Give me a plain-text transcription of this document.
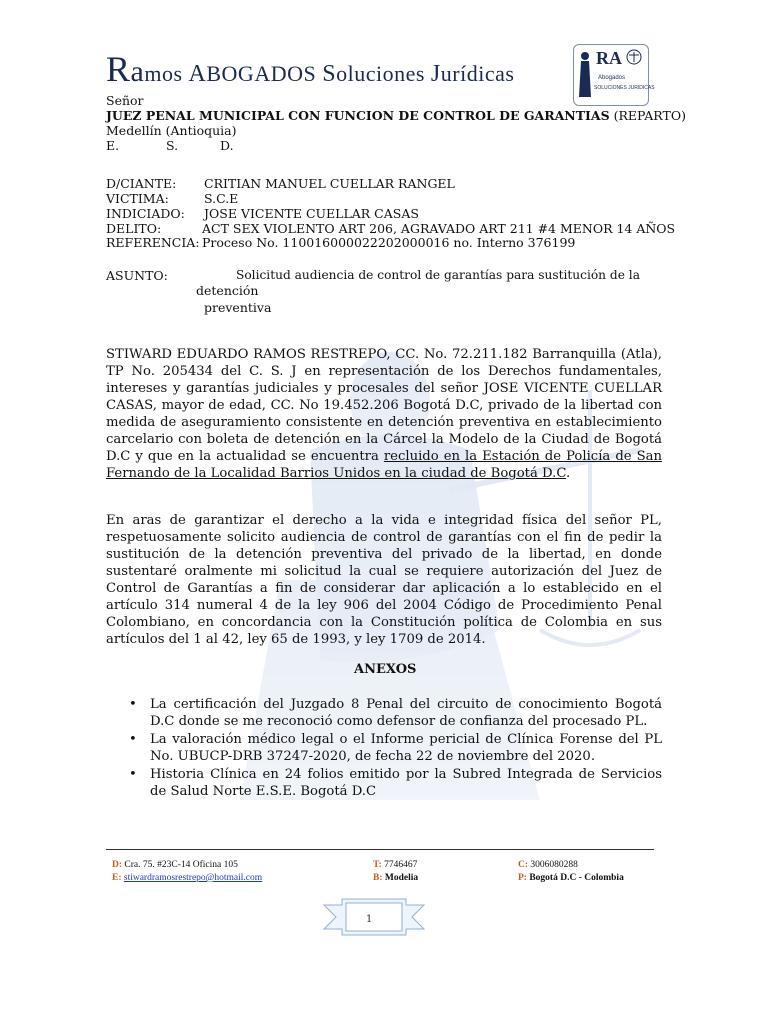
Ramos ABOGADOS Soluciones Jurídicas
RA
Abogados
SOLUCIONES JURIDICAS
Señor
JUEZ PENAL MUNICIPAL CON FUNCION DE CONTROL DE GARANTIAS (REPARTO)
Medellín (Antioquia)
E.	S.	D.
D/CIANTE: CRITIAN MANUEL CUELLAR RANGEL
VICTIMA:	S.C.E
INDICIADO: JOSE VICENTE CUELLAR CASAS
DELITO:	ACT SEX VIOLENTO ART 206, AGRAVADO ART 211 #4 MENOR 14 AÑOS
REFERENCIA: Proceso No. 11001600002220200001​6 no. Interno 376199
ASUNTO:	Solicitud audiencia de control de garantías para sustitución de la
detención
preventiva
STIWARD EDUARDO RAMOS RESTREPO, CC. No. 72.211.182 Barranquilla (Atla), TP No. 205434 del C. S. J en representación de los Derechos fundamentales, intereses y garantías judiciales y procesales del señor JOSE VICENTE CUELLAR CASAS, mayor de edad, CC. No 19.452.206 Bogotá D.C, privado de la libertad con medida de aseguramiento consistente en detención preventiva en establecimiento carcelario con boleta de detención en la Cárcel la Modelo de la Ciudad de Bogotá D.C y que en la actualidad se encuentra recluido en la Estación de Policía de San Fernando de la Localidad Barrios Unidos en la ciudad de Bogotá D.C.
En aras de garantizar el derecho a la vida e integridad física del señor PL, respetuosamente solicito audiencia de control de garantías con el fin de pedir la sustitución de la detención preventiva del privado de la libertad, en donde sustentaré oralmente mi solicitud la cual se requiere autorización del Juez de Control de Garantías a fin de considerar dar aplicación a lo establecido en el artículo 314 numeral 4 de la ley 906 del 2004 Código de Procedimiento Penal Colombiano, en concordancia con la Constitución política de Colombia en sus artículos del 1 al 42, ley 65 de 1993, y ley 1709 de 2014.
ANEXOS
• La certificación del Juzgado 8 Penal del circuito de conocimiento Bogotá D.C donde se me reconoció como defensor de confianza del procesado PL.
• La valoración médico legal o el Informe pericial de Clínica Forense del PL No. UBUCP-DRB 37247-2020, de fecha 22 de noviembre del 2020.
• Historia Clínica en 24 folios emitido por la Subred Integrada de Servicios de Salud Norte E.S.E. Bogotá D.C
D: Cra. 75. #23C-14 Oficina 105
E: stiwardramosrestrepo@hotmail.com
T: 7746467
B: Modelia
C: 3006080288
P: Bogotá D.C - Colombia
1
